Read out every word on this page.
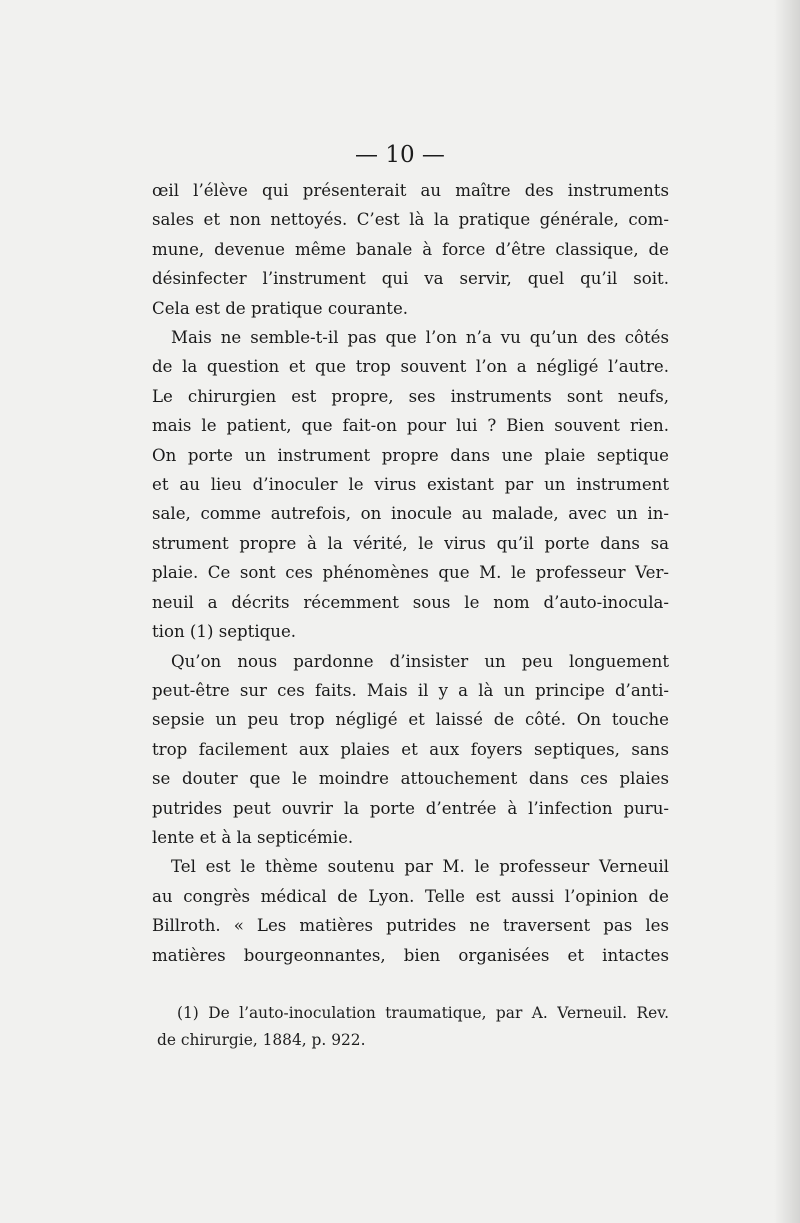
— 10 —
œil l’élève qui présenterait au maître des instruments
sales et non nettoyés. C’est là la pratique générale, com-
mune, devenue même banale à force d’être classique, de
désinfecter l’instrument qui va servir, quel qu’il soit.
Cela est de pratique courante.
Mais ne semble-t-il pas que l’on n’a vu qu’un des côtés
de la question et que trop souvent l’on a négligé l’autre.
Le chirurgien est propre, ses instruments sont neufs,
mais le patient, que fait-on pour lui ? Bien souvent rien.
On porte un instrument propre dans une plaie septique
et au lieu d’inoculer le virus existant par un instrument
sale, comme autrefois, on inocule au malade, avec un in-
strument propre à la vérité, le virus qu’il porte dans sa
plaie. Ce sont ces phénomènes que M. le professeur Ver-
neuil a décrits récemment sous le nom d’auto-inocula-
tion (1) septique.
Qu’on nous pardonne d’insister un peu longuement
peut-être sur ces faits. Mais il y a là un principe d’anti-
sepsie un peu trop négligé et laissé de côté. On touche
trop facilement aux plaies et aux foyers septiques, sans
se douter que le moindre attouchement dans ces plaies
putrides peut ouvrir la porte d’entrée à l’infection puru-
lente et à la septicémie.
Tel est le thème soutenu par M. le professeur Verneuil
au congrès médical de Lyon. Telle est aussi l’opinion de
Billroth. « Les matières putrides ne traversent pas les
matières bourgeonnantes, bien organisées et intactes
(1) De l’auto-inoculation traumatique, par A. Verneuil. Rev.
de chirurgie, 1884, p. 922.
